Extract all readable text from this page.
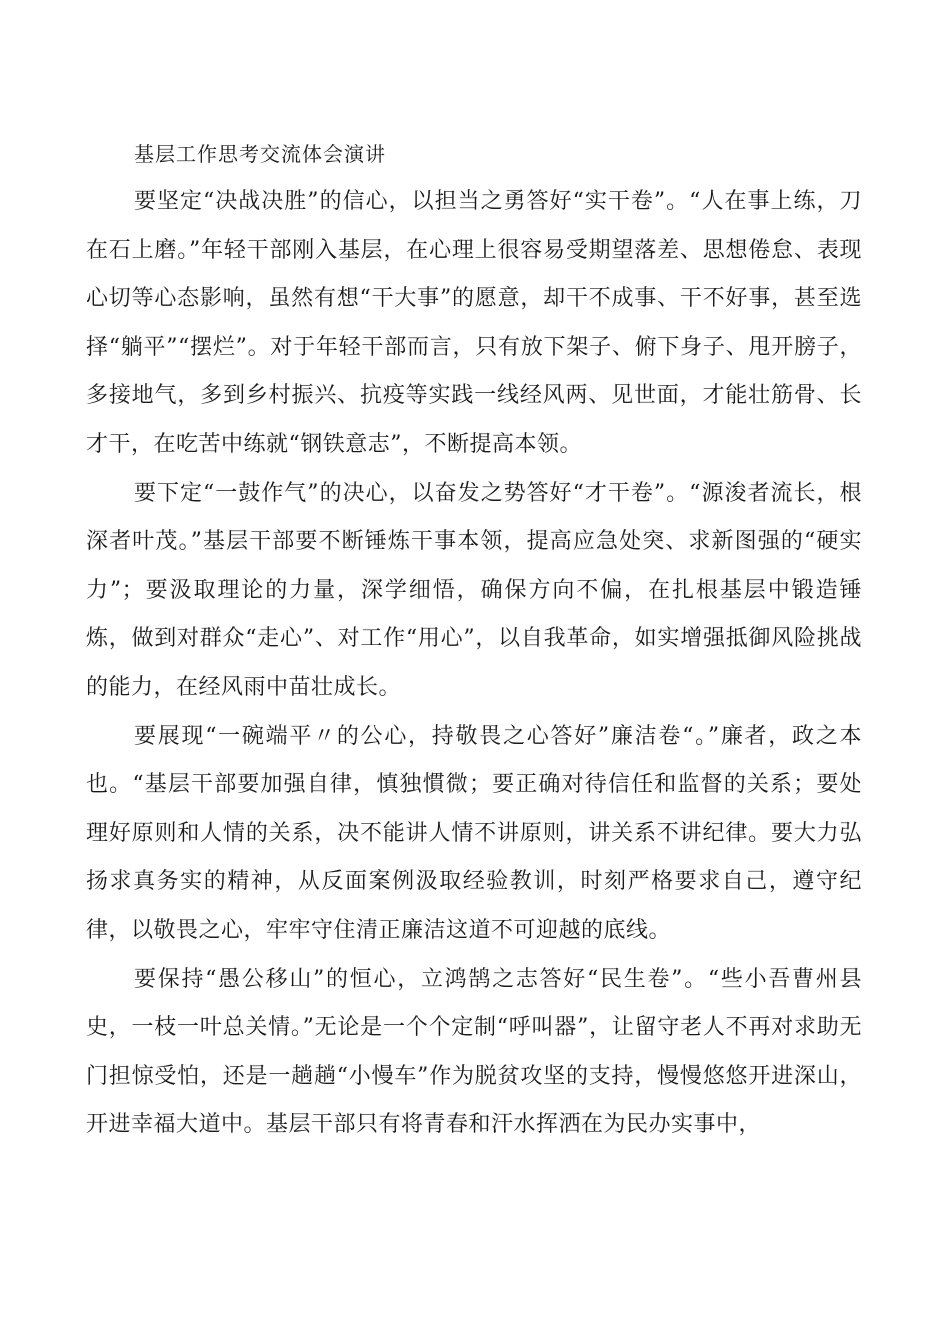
基层工作思考交流体会演讲

要坚定“决战决胜”的信心，以担当之勇答好“实干卷”。“人在事上练，刀在石上磨。”年轻干部刚入基层，在心理上很容易受期望落差、思想倦怠、表现心切等心态影响，虽然有想“干大事”的愿意，却干不成事、干不好事，甚至选择“躺平”“摆烂”。对于年轻干部而言，只有放下架子、俯下身子、甩开膀子，多接地气，多到乡村振兴、抗疫等实践一线经风两、见世面，才能壮筋骨、长才干，在吃苦中练就“钢铁意志”，不断提高本领。

要下定“一鼓作气”的决心，以奋发之势答好“才干卷”。“源浚者流长，根深者叶茂。”基层干部要不断锤炼干事本领，提高应急处突、求新图强的“硬实力”；要汲取理论的力量，深学细悟，确保方向不偏，在扎根基层中锻造锤炼，做到对群众“走心”、对工作“用心”，以自我革命，如实增强抵御风险挑战的能力，在经风雨中苗壮成长。

要展现“一碗端平〃的公心，持敬畏之心答好”廉洁卷“。”廉者，政之本也。“基层干部要加强自律，慎独慣微；要正确对待信任和监督的关系；要处理好原则和人情的关系，决不能讲人情不讲原则，讲关系不讲纪律。要大力弘扬求真务实的精神，从反面案例汲取经验教训，时刻严格要求自己，遵守纪律，以敬畏之心，牢牢守住清正廉洁这道不可迎越的底线。

要保持“愚公移山”的恒心，立鸿鹄之志答好“民生卷”。“些小吾曹州县史，一枝一叶总关情。”无论是一个个定制“呼叫器”，让留守老人不再对求助无门担惊受怕，还是一趟趟“小慢车”作为脱贫攻坚的支持，慢慢悠悠开进深山，开进幸福大道中。基层干部只有将青春和汗水挥洒在为民办实事中，
